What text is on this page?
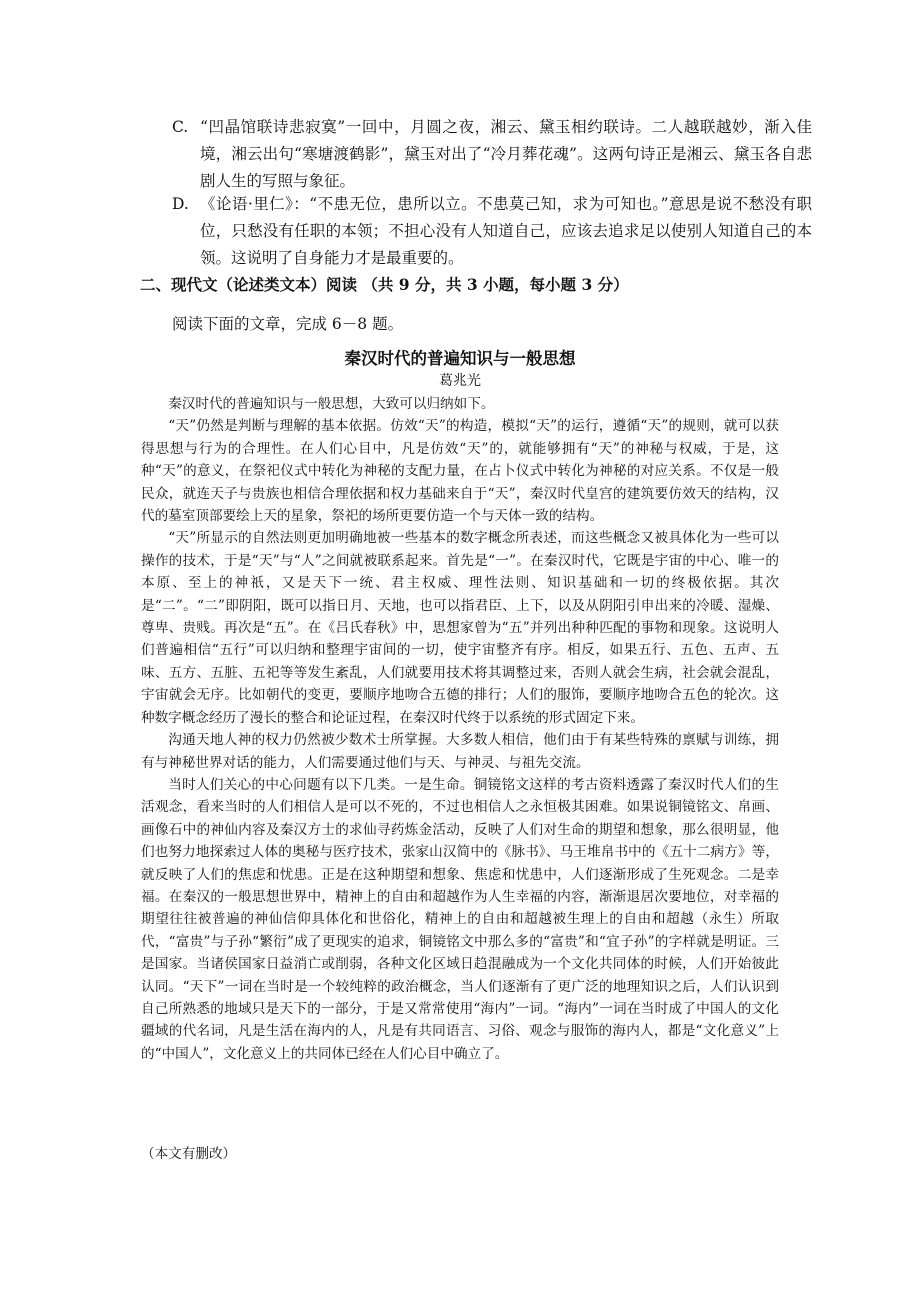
C. “凹晶馆联诗悲寂寞”一回中，月圆之夜，湘云、黛玉相约联诗。二人越联越妙，渐入佳境，湘云出句“寒塘渡鹤影”，黛玉对出了“冷月葬花魂”。这两句诗正是湘云、黛玉各自悲剧人生的写照与象征。
D. 《论语·里仁》：“不患无位，患所以立。不患莫己知，求为可知也。”意思是说不愁没有职位，只愁没有任职的本领；不担心没有人知道自己，应该去追求足以使别人知道自己的本领。这说明了自身能力才是最重要的。
二、现代文（论述类文本）阅读 （共 9 分，共 3 小题，每小题 3 分）
阅读下面的文章，完成 6－8 题。
秦汉时代的普遍知识与一般思想
葛兆光

秦汉时代的普遍知识与一般思想，大致可以归纳如下。

“天”仍然是判断与理解的基本依据。仿效“天”的构造，模拟“天”的运行，遵循“天”的规则，就可以获得思想与行为的合理性。在人们心目中，凡是仿效“天”的，就能够拥有“天”的神秘与权威，于是，这种“天”的意义，在祭祀仪式中转化为神秘的支配力量，在占卜仪式中转化为神秘的对应关系。不仅是一般民众，就连天子与贵族也相信合理依据和权力基础来自于“天”，秦汉时代皇宫的建筑要仿效天的结构，汉代的墓室顶部要绘上天的星象，祭祀的场所更要仿造一个与天体一致的结构。

“天”所显示的自然法则更加明确地被一些基本的数字概念所表述，而这些概念又被具体化为一些可以操作的技术，于是“天”与“人”之间就被联系起来。首先是“一”。在秦汉时代，它既是宇宙的中心、唯一的本原、至上的神祇，又是天下一统、君主权威、理性法则、知识基础和一切的终极依据。其次是“二”。“二”即阴阳，既可以指日月、天地，也可以指君臣、上下，以及从阴阳引申出来的冷暖、湿燥、尊卑、贵贱。再次是“五”。在《吕氏春秋》中，思想家曾为“五”并列出种种匹配的事物和现象。这说明人们普遍相信“五行”可以归纳和整理宇宙间的一切，使宇宙整齐有序。相反，如果五行、五色、五声、五味、五方、五脏、五祀等等发生紊乱，人们就要用技术将其调整过来，否则人就会生病，社会就会混乱，宇宙就会无序。比如朝代的变更，要顺序地吻合五德的排行；人们的服饰，要顺序地吻合五色的轮次。这种数字概念经历了漫长的整合和论证过程，在秦汉时代终于以系统的形式固定下来。

沟通天地人神的权力仍然被少数术士所掌握。大多数人相信，他们由于有某些特殊的禀赋与训练，拥有与神秘世界对话的能力，人们需要通过他们与天、与神灵、与祖先交流。

当时人们关心的中心问题有以下几类。一是生命。铜镜铭文这样的考古资料透露了秦汉时代人们的生活观念，看来当时的人们相信人是可以不死的，不过也相信人之永恒极其困难。如果说铜镜铭文、帛画、画像石中的神仙内容及秦汉方士的求仙寻药炼金活动，反映了人们对生命的期望和想象，那么很明显，他们也努力地探索过人体的奥秘与医疗技术，张家山汉简中的《脉书》、马王堆帛书中的《五十二病方》等，就反映了人们的焦虑和忧患。正是在这种期望和想象、焦虑和忧患中，人们逐渐形成了生死观念。二是幸福。在秦汉的一般思想世界中，精神上的自由和超越作为人生幸福的内容，渐渐退居次要地位，对幸福的期望往往被普遍的神仙信仰具体化和世俗化，精神上的自由和超越被生理上的自由和超越（永生）所取代，“富贵”与子孙“繁衍”成了更现实的追求，铜镜铭文中那么多的“富贵”和“宜子孙”的字样就是明证。三是国家。当诸侯国家日益消亡或削弱，各种文化区域日趋混融成为一个文化共同体的时候，人们开始彼此认同。“天下”一词在当时是一个较纯粹的政治概念，当人们逐渐有了更广泛的地理知识之后，人们认识到自己所熟悉的地域只是天下的一部分，于是又常常使用“海内”一词。“海内”一词在当时成了中国人的文化疆域的代名词，凡是生活在海内的人，凡是有共同语言、习俗、观念与服饰的海内人，都是“文化意义”上的“中国人”，文化意义上的共同体已经在人们心目中确立了。

（本文有删改）
